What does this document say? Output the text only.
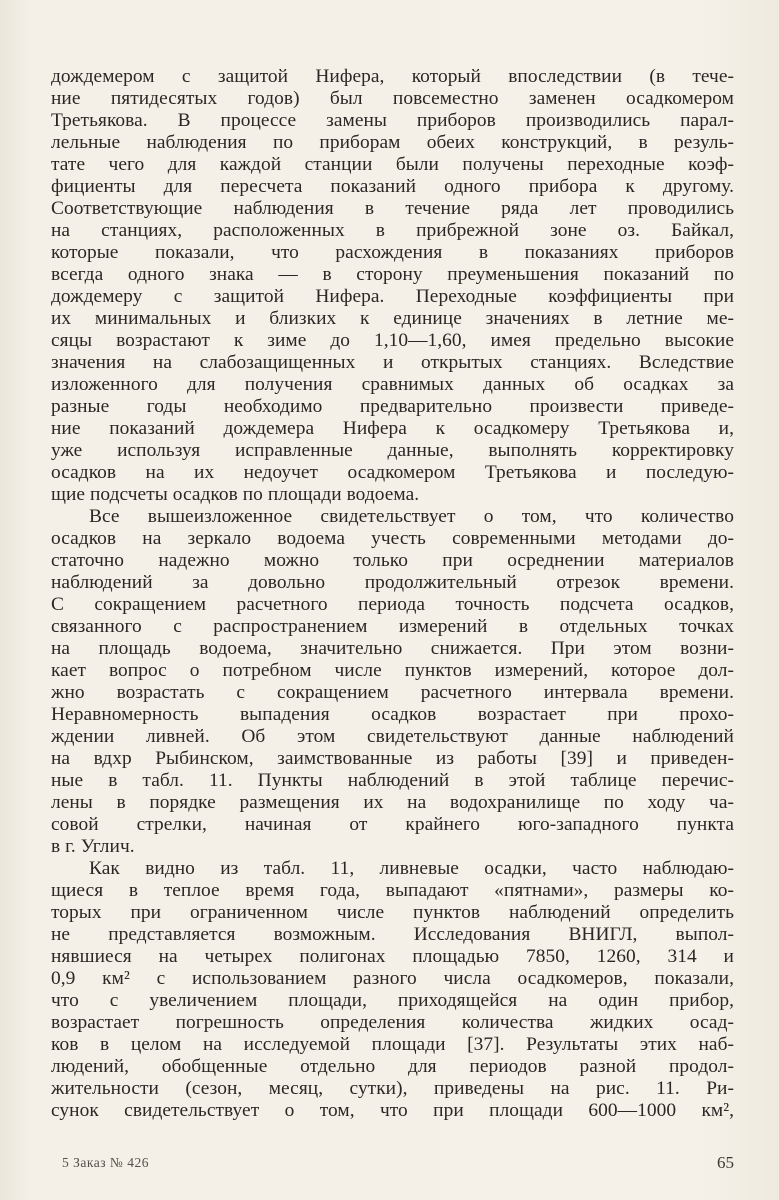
дождемером с защитой Нифера, который впоследствии (в тече-
ние пятидесятых годов) был повсеместно заменен осадкомером
Третьякова. В процессе замены приборов производились парал-
лельные наблюдения по приборам обеих конструкций, в резуль-
тате чего для каждой станции были получены переходные коэф-
фициенты для пересчета показаний одного прибора к другому.
Соответствующие наблюдения в течение ряда лет проводились
на станциях, расположенных в прибрежной зоне оз. Байкал,
которые показали, что расхождения в показаниях приборов
всегда одного знака — в сторону преуменьшения показаний по
дождемеру с защитой Нифера. Переходные коэффициенты при
их минимальных и близких к единице значениях в летние ме-
сяцы возрастают к зиме до 1,10—1,60, имея предельно высокие
значения на слабозащищенных и открытых станциях. Вследствие
изложенного для получения сравнимых данных об осадках за
разные годы необходимо предварительно произвести приведе-
ние показаний дождемера Нифера к осадкомеру Третьякова и,
уже используя исправленные данные, выполнять корректировку
осадков на их недоучет осадкомером Третьякова и последую-
щие подсчеты осадков по площади водоема.
Все вышеизложенное свидетельствует о том, что количество
осадков на зеркало водоема учесть современными методами до-
статочно надежно можно только при осреднении материалов
наблюдений за довольно продолжительный отрезок времени.
С сокращением расчетного периода точность подсчета осадков,
связанного с распространением измерений в отдельных точках
на площадь водоема, значительно снижается. При этом возни-
кает вопрос о потребном числе пунктов измерений, которое дол-
жно возрастать с сокращением расчетного интервала времени.
Неравномерность выпадения осадков возрастает при прохо-
ждении ливней. Об этом свидетельствуют данные наблюдений
на вдхр Рыбинском, заимствованные из работы [39] и приведен-
ные в табл. 11. Пункты наблюдений в этой таблице перечис-
лены в порядке размещения их на водохранилище по ходу ча-
совой стрелки, начиная от крайнего юго-западного пункта
в г. Углич.
Как видно из табл. 11, ливневые осадки, часто наблюдаю-
щиеся в теплое время года, выпадают «пятнами», размеры ко-
торых при ограниченном числе пунктов наблюдений определить
не представляется возможным. Исследования ВНИГЛ, выпол-
нявшиеся на четырех полигонах площадью 7850, 1260, 314 и
0,9 км² с использованием разного числа осадкомеров, показали,
что с увеличением площади, приходящейся на один прибор,
возрастает погрешность определения количества жидких осад-
ков в целом на исследуемой площади [37]. Результаты этих наб-
людений, обобщенные отдельно для периодов разной продол-
жительности (сезон, месяц, сутки), приведены на рис. 11. Ри-
сунок свидетельствует о том, что при площади 600—1000 км²,
5 Заказ № 426	65
